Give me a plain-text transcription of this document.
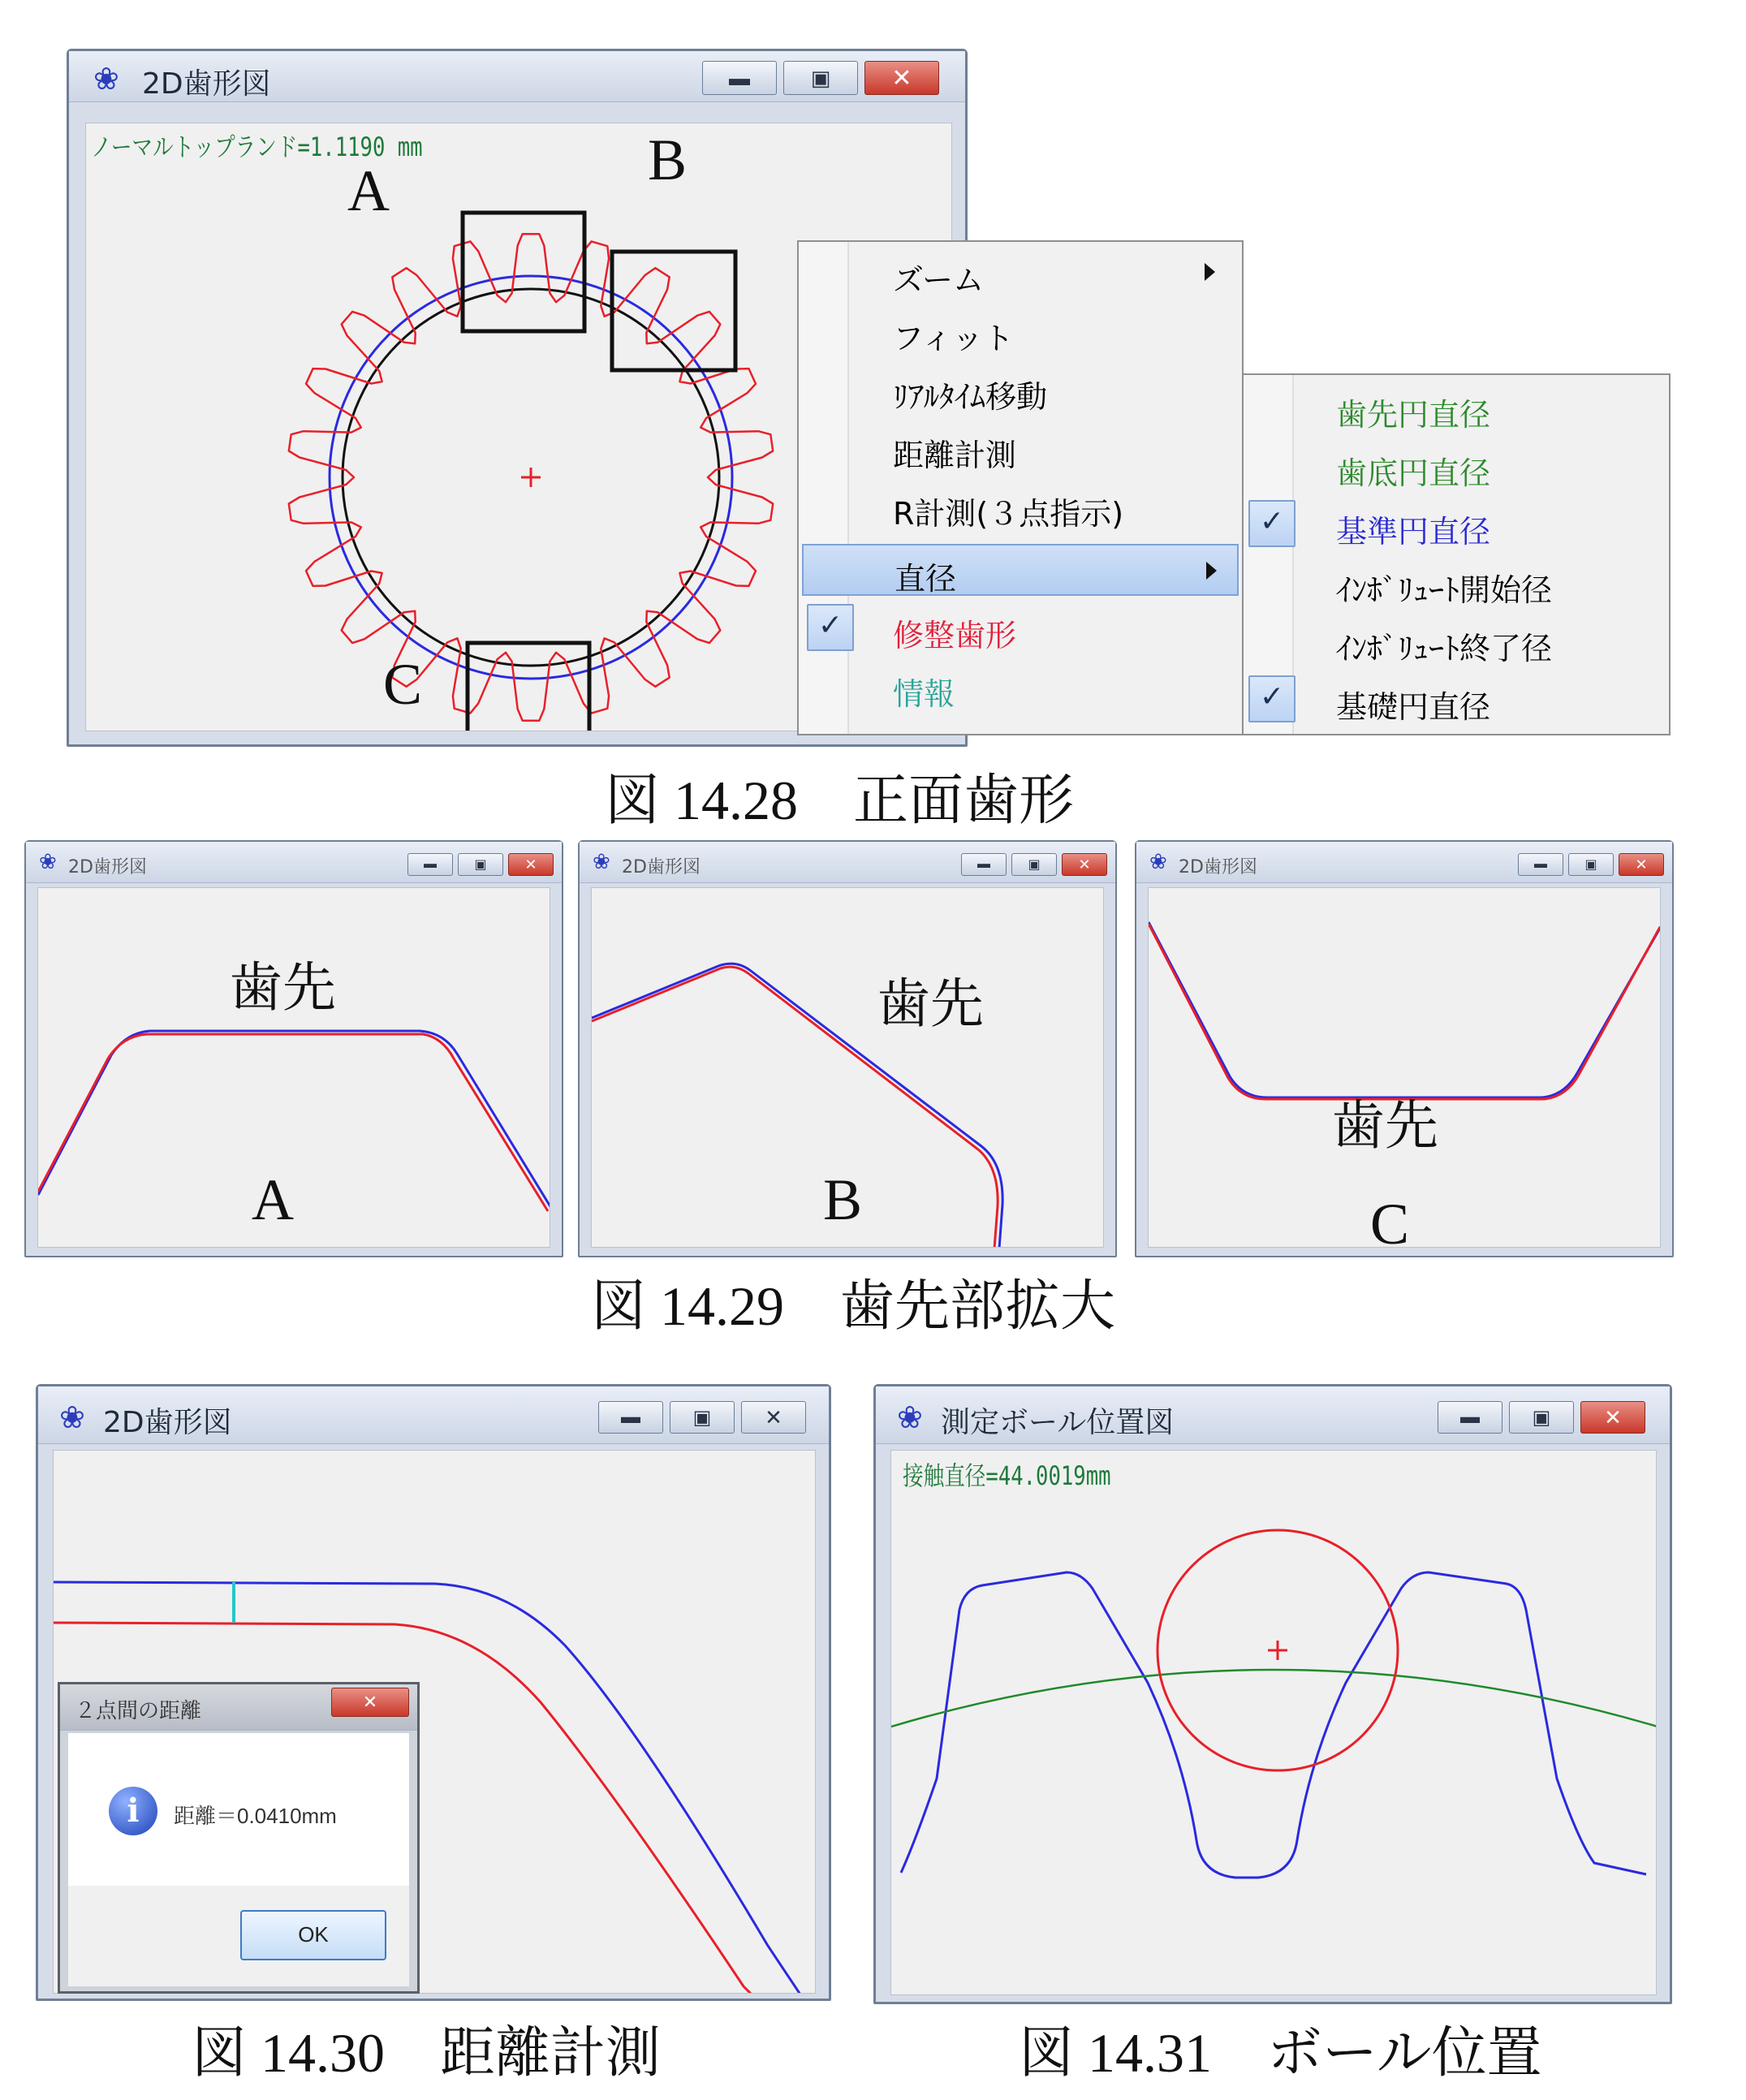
❀ 2D歯形図	▬	▣	✕
ノーマルトップランド=1.1190 mm
A	B
C
ズーム
フィット
ﾘｱﾙﾀｲﾑ移動
距離計測
R計測(３点指示)
直径
修整歯形
✓
情報
歯先円直径
歯底円直径
基準円直径
✓
ｲﾝﾎﾞﾘｭｰﾄ開始径
ｲﾝﾎﾞﾘｭｰﾄ終了径
基礎円直径
✓
図 14.28　正面歯形
❀ 2D歯形図	▬	▣	✕
歯先
A
❀ 2D歯形図	▬	▣	✕
歯先
B
❀ 2D歯形図	▬	▣	✕
歯先
C
図 14.29　歯先部拡大
❀ 2D歯形図	▬	▣	✕
２点間の距離	✕
i	距離＝0.0410mm
OK
図 14.30　距離計測
❀ 測定ボール位置図	▬	▣	✕
接触直径=44.0019mm
図 14.31　ボール位置
